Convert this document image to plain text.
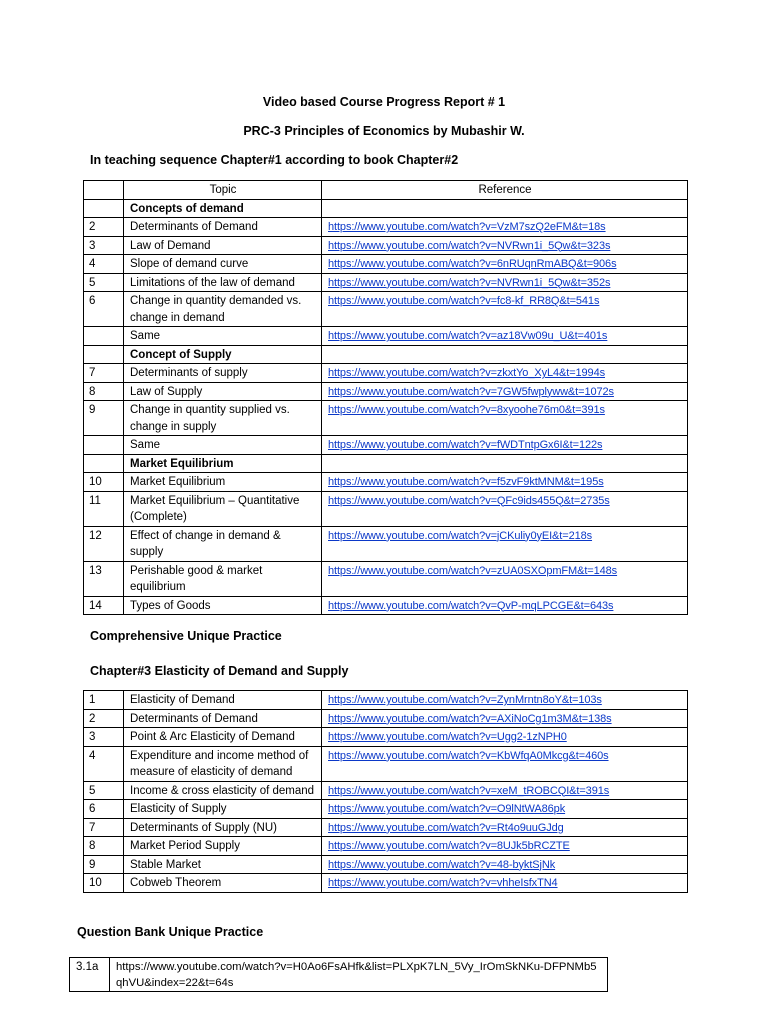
Video based Course Progress Report # 1
PRC-3 Principles of Economics by Mubashir W.
In teaching sequence Chapter#1 according to book Chapter#2
	Topic	Reference
	Concepts of demand	
2	Determinants of Demand	https://www.youtube.com/watch?v=VzM7szQ2eFM&t=18s
3	Law of Demand	https://www.youtube.com/watch?v=NVRwn1i_5Qw&t=323s
4	Slope of demand curve	https://www.youtube.com/watch?v=6nRUqnRmABQ&t=906s
5	Limitations of the law of demand	https://www.youtube.com/watch?v=NVRwn1i_5Qw&t=352s
6	Change in quantity demanded vs. change in demand	https://www.youtube.com/watch?v=fc8-kf_RR8Q&t=541s
	Same	https://www.youtube.com/watch?v=az18Vw09u_U&t=401s
	Concept of Supply	
7	Determinants of supply	https://www.youtube.com/watch?v=zkxtYo_XyL4&t=1994s
8	Law of Supply	https://www.youtube.com/watch?v=7GW5fwplyww&t=1072s
9	Change in quantity supplied vs. change in supply	https://www.youtube.com/watch?v=8xyoohe76m0&t=391s
	Same	https://www.youtube.com/watch?v=fWDTntpGx6I&t=122s
	Market Equilibrium	
10	Market Equilibrium	https://www.youtube.com/watch?v=f5zvF9ktMNM&t=195s
11	Market Equilibrium – Quantitative (Complete)	https://www.youtube.com/watch?v=QFc9ids455Q&t=2735s
12	Effect of change in demand & supply	https://www.youtube.com/watch?v=jCKuliy0yEI&t=218s
13	Perishable good & market equilibrium	https://www.youtube.com/watch?v=zUA0SXOpmFM&t=148s
14	Types of Goods	https://www.youtube.com/watch?v=QvP-mqLPCGE&t=643s
Comprehensive Unique Practice
Chapter#3 Elasticity of Demand and Supply
1	Elasticity of Demand	https://www.youtube.com/watch?v=ZynMrntn8oY&t=103s
2	Determinants of Demand	https://www.youtube.com/watch?v=AXiNoCg1m3M&t=138s
3	Point & Arc Elasticity of Demand	https://www.youtube.com/watch?v=Ugg2-1zNPH0
4	Expenditure and income method of measure of elasticity of demand	https://www.youtube.com/watch?v=KbWfqA0Mkcg&t=460s
5	Income & cross elasticity of demand	https://www.youtube.com/watch?v=xeM_tROBCQI&t=391s
6	Elasticity of Supply	https://www.youtube.com/watch?v=O9lNtWA86pk
7	Determinants of Supply (NU)	https://www.youtube.com/watch?v=Rt4o9uuGJdg
8	Market Period Supply	https://www.youtube.com/watch?v=8UJk5bRCZTE
9	Stable Market	https://www.youtube.com/watch?v=48-byktSjNk
10	Cobweb Theorem	https://www.youtube.com/watch?v=vhheIsfxTN4
Question Bank Unique Practice
3.1a	https://www.youtube.com/watch?v=H0Ao6FsAHfk&list=PLXpK7LN_5Vy_IrOmSkNKu-DFPNMb5qhVU&index=22&t=64s
